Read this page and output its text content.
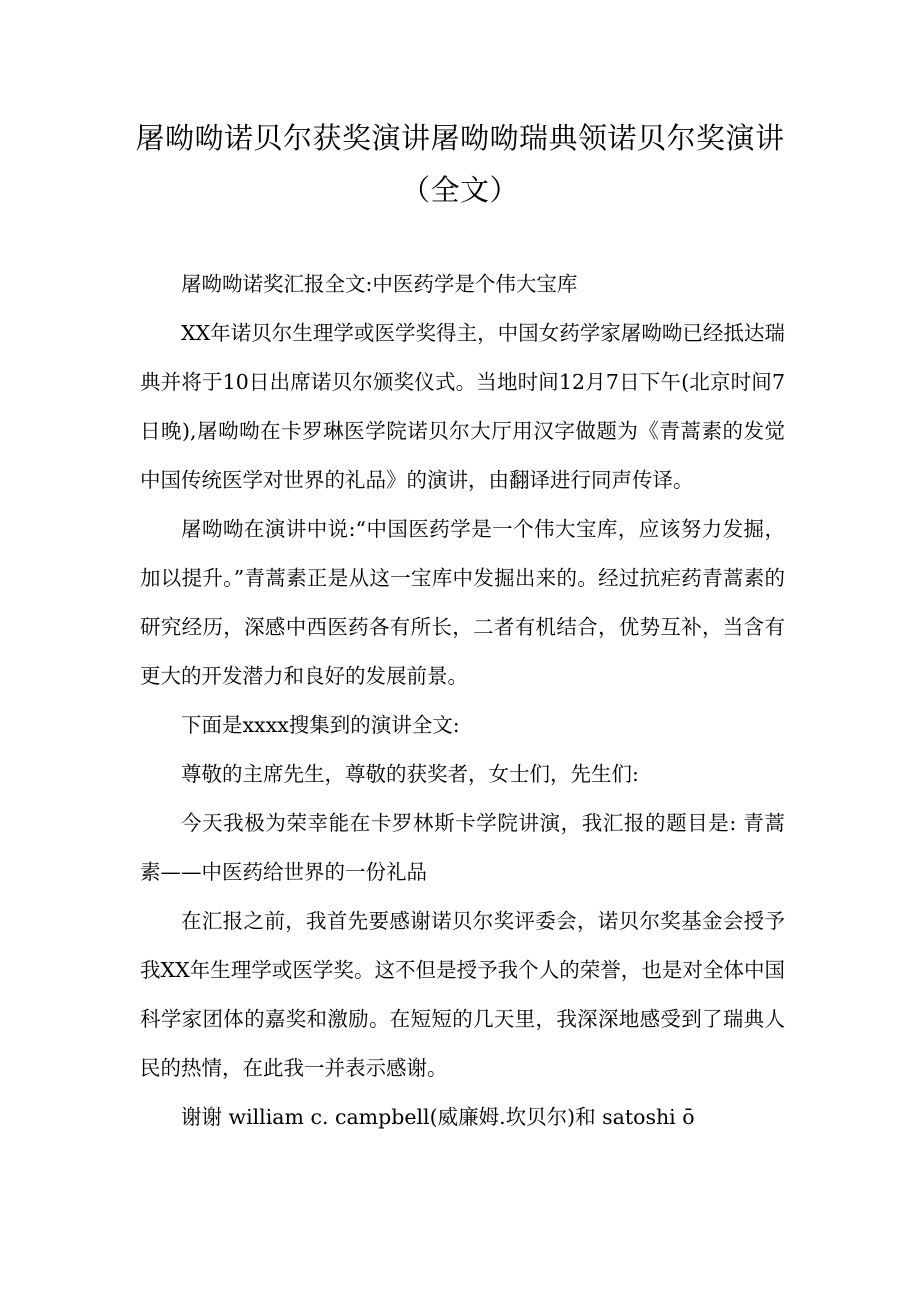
屠呦呦诺贝尔获奖演讲屠呦呦瑞典领诺贝尔奖演讲（全文）

屠呦呦诺奖汇报全文:中医药学是个伟大宝库

XX年诺贝尔生理学或医学奖得主，中国女药学家屠呦呦已经抵达瑞典并将于10日出席诺贝尔颁奖仪式。当地时间12月7日下午(北京时间7日晚),屠呦呦在卡罗琳医学院诺贝尔大厅用汉字做题为《青蒿素的发觉 中国传统医学对世界的礼品》的演讲，由翻译进行同声传译。

屠呦呦在演讲中说:“中国医药学是一个伟大宝库，应该努力发掘，加以提升。”青蒿素正是从这一宝库中发掘出来的。经过抗疟药青蒿素的研究经历，深感中西医药各有所长，二者有机结合，优势互补，当含有更大的开发潜力和良好的发展前景。

下面是xxxx搜集到的演讲全文:

尊敬的主席先生，尊敬的获奖者，女士们，先生们:

今天我极为荣幸能在卡罗林斯卡学院讲演，我汇报的题目是: 青蒿素——中医药给世界的一份礼品

在汇报之前，我首先要感谢诺贝尔奖评委会，诺贝尔奖基金会授予我XX年生理学或医学奖。这不但是授予我个人的荣誉，也是对全体中国科学家团体的嘉奖和激励。在短短的几天里，我深深地感受到了瑞典人民的热情，在此我一并表示感谢。

谢谢 william c. campbell(威廉姆.坎贝尔)和 satoshi ō
